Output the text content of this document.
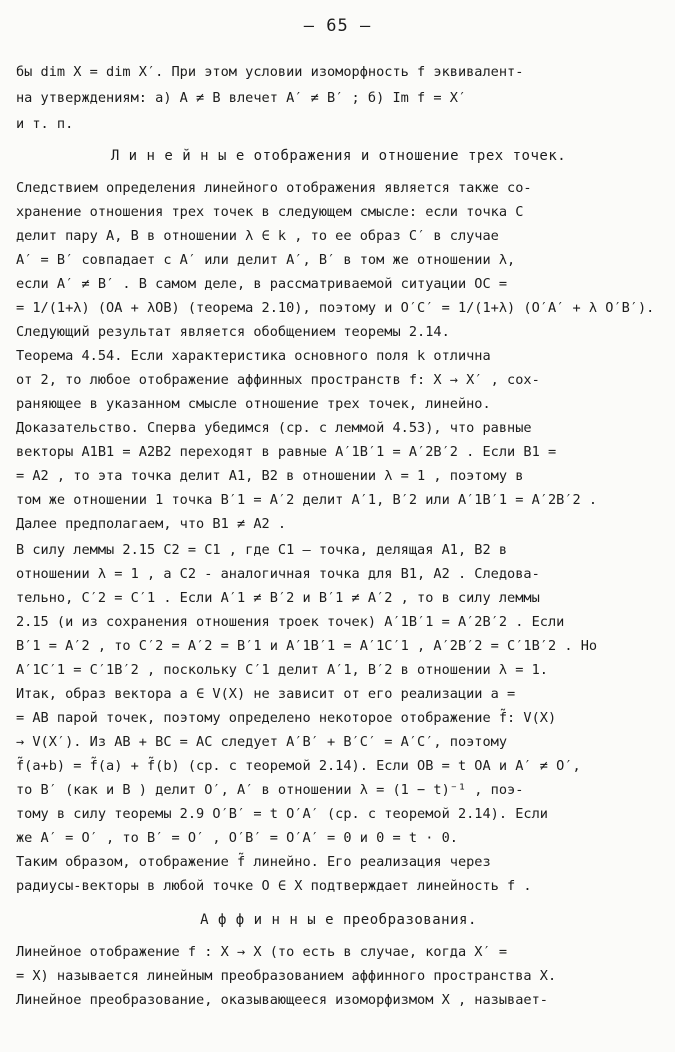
– 65 –
бы dim X = dim X′. При этом условии изоморфность f эквивалент-
на утверждениям: а) A ≠ B влечет A′ ≠ B′ ; б) Im f = X′
и т. п.
Л и н е й н ы е отображения и отношение трех точек.
Следствием определения линейного отображения является также со-
хранение отношения трех точек в следующем смысле: если точка C
делит пару A, B в отношении λ ∈ k , то ее образ C′ в случае
A′ = B′ совпадает с A′ или делит A′, B′ в том же отношении λ,
если A′ ≠ B′ . В самом деле, в рассматриваемой ситуации OC =
= 1/(1+λ) (OA + λOB) (теорема 2.10), поэтому и O′C′ = 1/(1+λ) (O′A′ + λ O′B′).
Следующий результат является обобщением теоремы 2.14.
Теорема 4.54. Если характеристика основного поля k отлична
от 2, то любое отображение аффинных пространств f: X → X′ , сох-
раняющее в указанном смысле отношение трех точек, линейно.
Доказательство. Сперва убедимся (ср. с леммой 4.53), что равные
векторы A1B1 = A2B2 переходят в равные A′1B′1 = A′2B′2 . Если B1 =
= A2 , то эта точка делит A1, B2 в отношении λ = 1 , поэтому в
том же отношении 1 точка B′1 = A′2 делит A′1, B′2 или A′1B′1 = A′2B′2 .
Далее предполагаем, что B1 ≠ A2 .
В силу леммы 2.15 C2 = C1 , где C1 – точка, делящая A1, B2 в
отношении λ = 1 , а C2 - аналогичная точка для B1, A2 . Следова-
тельно, C′2 = C′1 . Если A′1 ≠ B′2 и B′1 ≠ A′2 , то в силу леммы
2.15 (и из сохранения отношения троек точек) A′1B′1 = A′2B′2 . Если
B′1 = A′2 , то C′2 = A′2 = B′1 и A′1B′1 = A′1C′1 , A′2B′2 = C′1B′2 . Но
A′1C′1 = C′1B′2 , поскольку C′1 делит A′1, B′2 в отношении λ = 1.
Итак, образ вектора a ∈ V(X) не зависит от его реализации a =
= AB парой точек, поэтому определено некоторое отображение f̃: V(X)
→ V(X′). Из AB + BC = AC следует A′B′ + B′C′ = A′C′, поэтому
f̃(a+b) = f̃(a) + f̃(b) (ср. с теоремой 2.14). Если OB = t OA и A′ ≠ O′,
то B′ (как и B ) делит O′, A′ в отношении λ = (1 − t)⁻¹ , поэ-
тому в силу теоремы 2.9 O′B′ = t O′A′ (ср. с теоремой 2.14). Если
же A′ = O′ , то B′ = O′ , O′B′ = O′A′ = 0 и 0 = t · 0.
Таким образом, отображение f̃ линейно. Его реализация через
радиусы-векторы в любой точке O ∈ X подтверждает линейность f .
А ф ф и н н ы е преобразования.
Линейное отображение f : X → X (то есть в случае, когда X′ =
= X) называется линейным преобразованием аффинного пространства X.
Линейное преобразование, оказывающееся изоморфизмом X , называет-
